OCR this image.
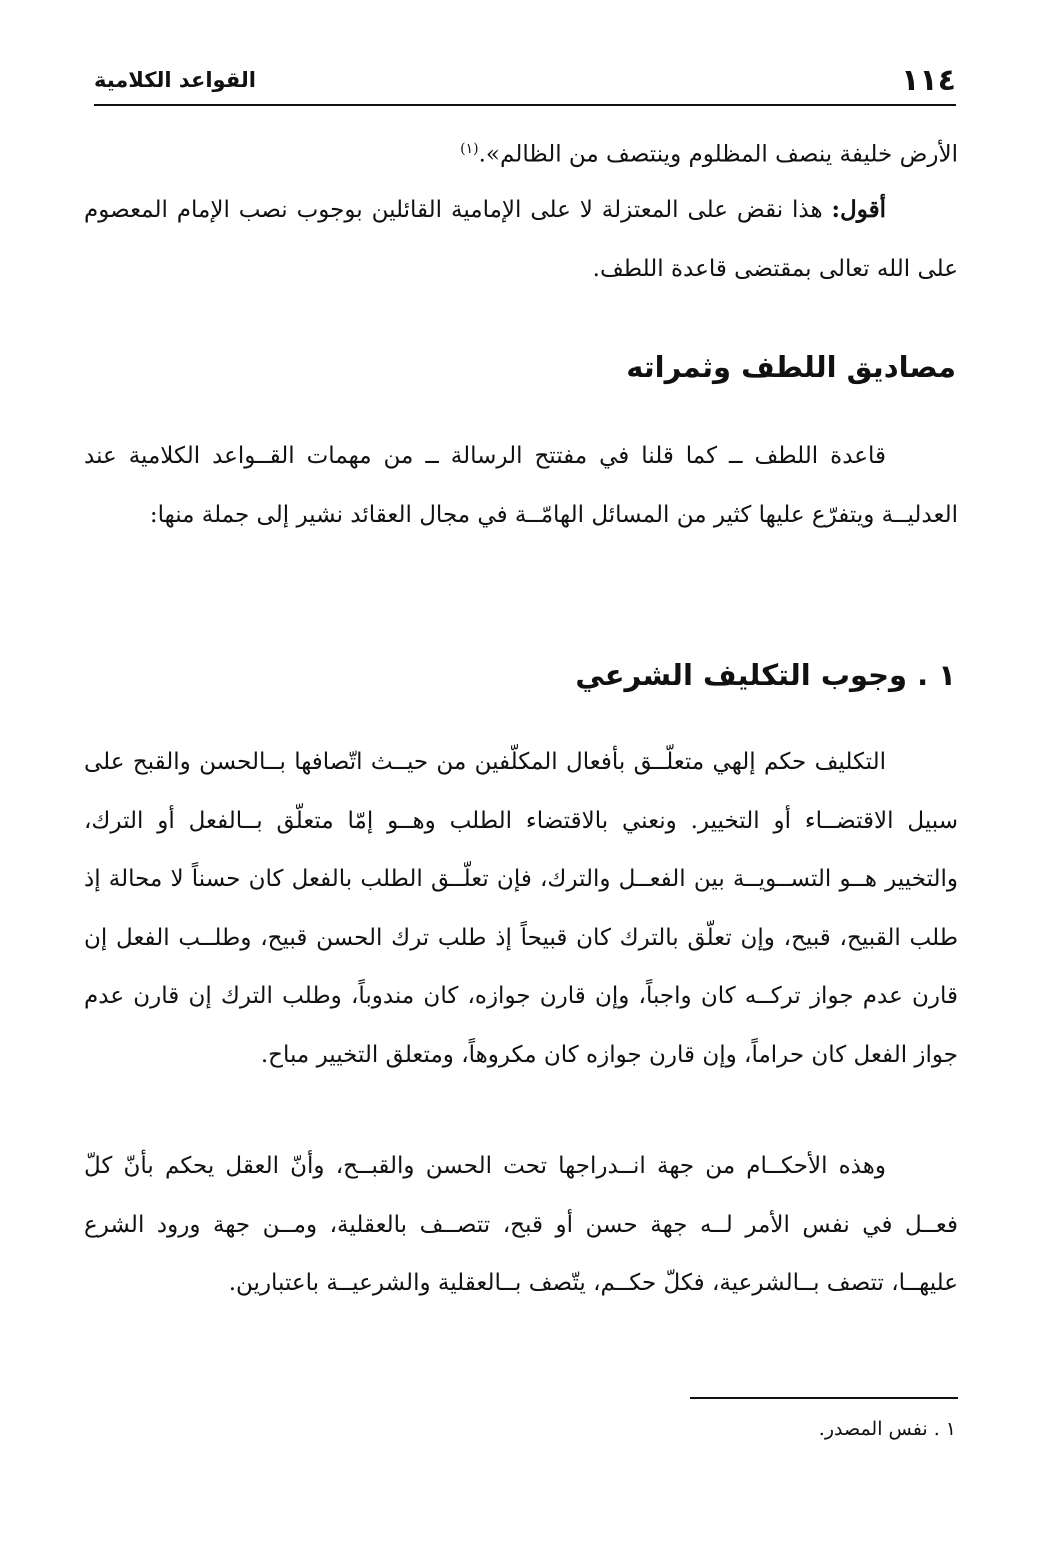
١١٤
القواعد الكلامية

الأرض خليفة ينصف المظلوم وينتصف من الظالم».$^{(١)}$

أقول: هذا نقض على المعتزلة لا على الإمامية القائلين بوجوب نصب الإمام المعصوم على الله تعالى بمقتضى قاعدة اللطف.

مصاديق اللطف وثمراته

قاعدة اللطف ــ كما قلنا في مفتتح الرسالة ــ من مهمات القــواعد الكلامية عند العدليــة ويتفرّع عليها كثير من المسائل الهامّــة في مجال العقائد نشير إلى جملة منها:

١ . وجوب التكليف الشرعي

التكليف حكم إلهي متعلّــق بأفعال المكلّفين من حيــث اتّصافها بــالحسن والقبح على سبيل الاقتضــاء أو التخيير. ونعني بالاقتضاء الطلب وهــو إمّا متعلّق بــالفعل أو الترك، والتخيير هــو التســويــة بين الفعــل والترك، فإن تعلّــق الطلب بالفعل كان حسناً لا محالة إذ طلب القبيح، قبيح، وإن تعلّق بالترك كان قبيحاً إذ طلب ترك الحسن قبيح، وطلــب الفعل إن قارن عدم جواز تركــه كان واجباً، وإن قارن جوازه، كان مندوباً، وطلب الترك إن قارن عدم جواز الفعل كان حراماً، وإن قارن جوازه كان مكروهاً، ومتعلق التخيير مباح.

وهذه الأحكــام من جهة انــدراجها تحت الحسن والقبــح، وأنّ العقل يحكم بأنّ كلّ فعــل في نفس الأمر لــه جهة حسن أو قبح، تتصــف بالعقلية، ومــن جهة ورود الشرع عليهــا، تتصف بــالشرعية، فكلّ حكــم، يتّصف بــالعقلية والشرعيــة باعتبارين.

١ . نفس المصدر.
